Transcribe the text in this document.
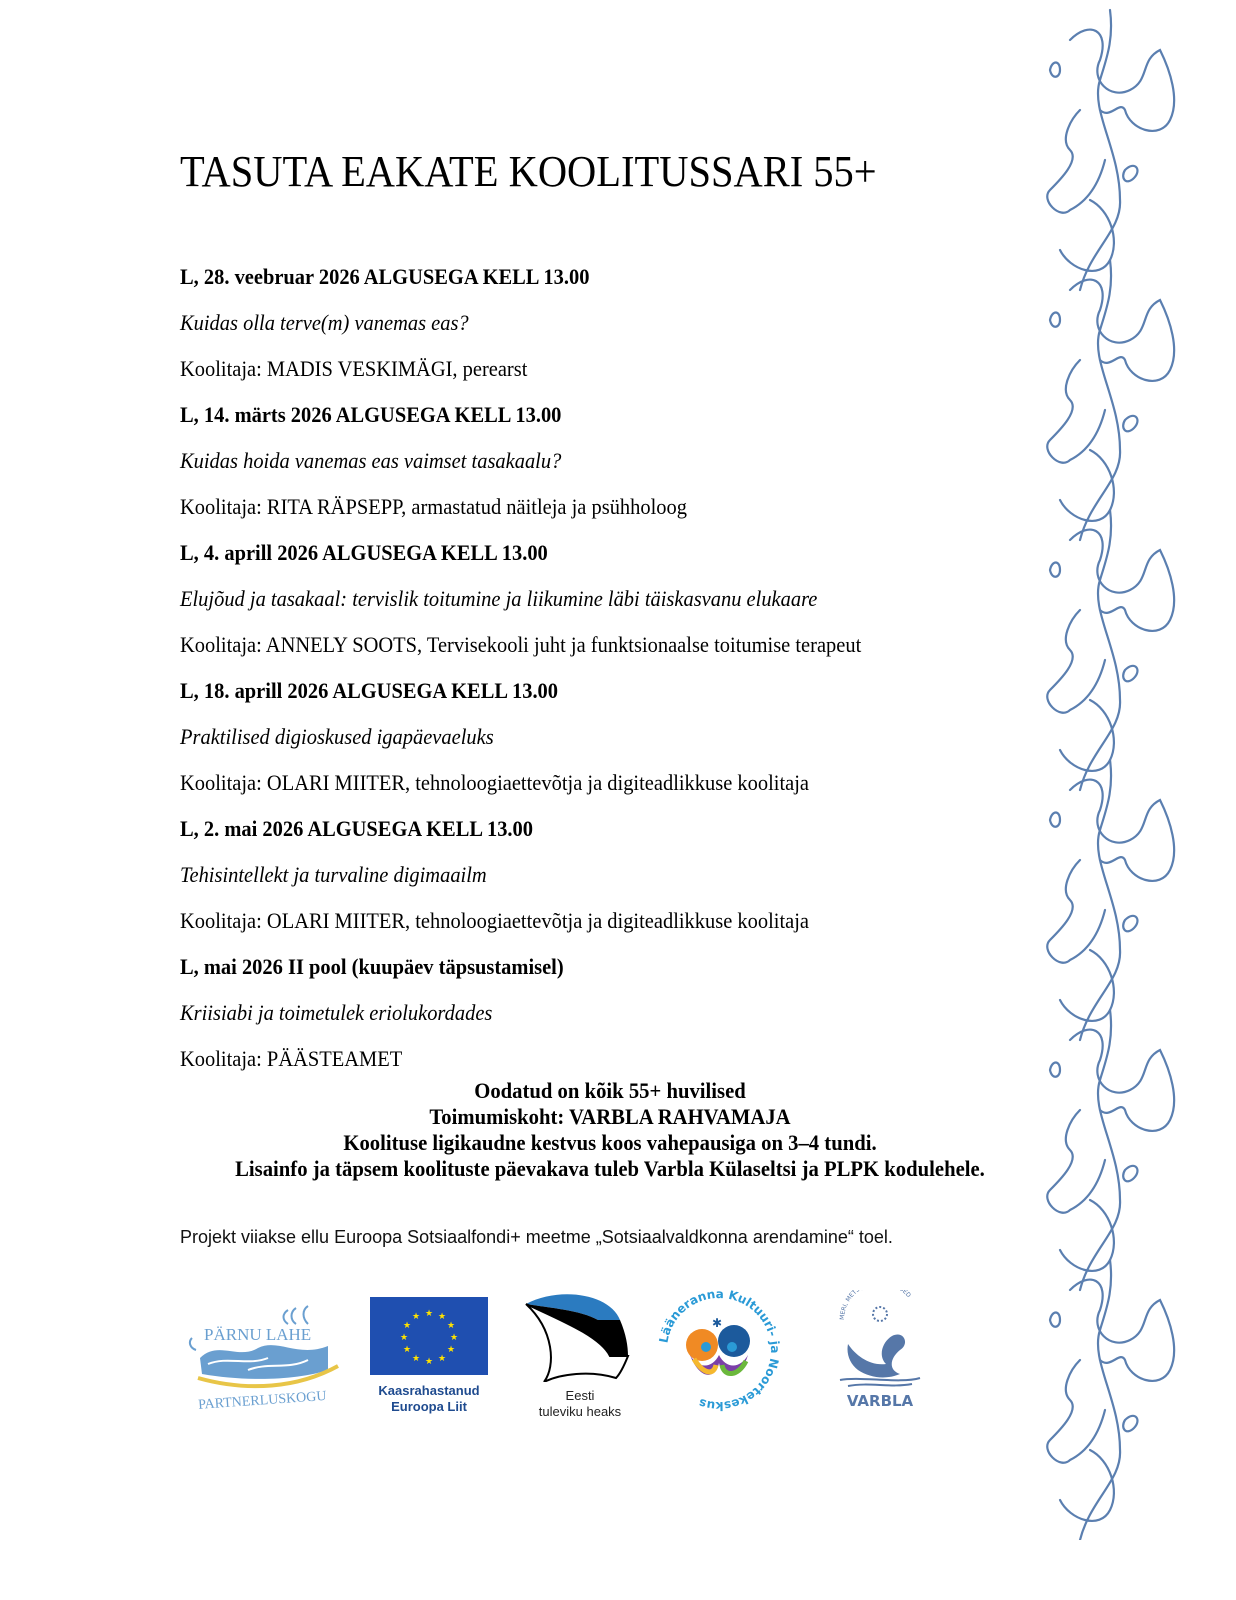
TASUTA EAKATE KOOLITUSSARI 55+
L, 28. veebruar 2026 ALGUSEGA KELL 13.00
Kuidas olla terve(m) vanemas eas?
Koolitaja: MADIS VESKIMÄGI, perearst
L, 14. märts 2026 ALGUSEGA KELL 13.00
Kuidas hoida vanemas eas vaimset tasakaalu?
Koolitaja: RITA RÄPSEPP, armastatud näitleja ja psühholoog
L, 4. aprill 2026 ALGUSEGA KELL 13.00
Elujõud ja tasakaal: tervislik toitumine ja liikumine läbi täiskasvanu elukaare
Koolitaja: ANNELY SOOTS, Tervisekooli juht ja funktsionaalse toitumise terapeut
L, 18. aprill 2026 ALGUSEGA KELL 13.00
Praktilised digioskused igapäevaeluks
Koolitaja: OLARI MIITER, tehnoloogiaettevõtja ja digiteadlikkuse koolitaja
L, 2. mai 2026 ALGUSEGA KELL 13.00
Tehisintellekt ja turvaline digimaailm
Koolitaja: OLARI MIITER, tehnoloogiaettevõtja ja digiteadlikkuse koolitaja
L, mai 2026 II pool (kuupäev täpsustamisel)
Kriisiabi ja toimetulek eriolukordades
Koolitaja: PÄÄSTEAMET
Oodatud on kõik 55+ huvilised
Toimumiskoht: VARBLA RAHVAMAJA
Koolituse ligikaudne kestvus koos vahepausiga on 3–4 tundi.
Lisainfo ja täpsem koolituste päevakava tuleb Varbla Külaseltsi ja PLPK kodulehele.
Projekt viiakse ellu Euroopa Sotsiaalfondi+ meetme „Sotsiaalvaldkonna arendamine“ toel.
PÄRNU LAHE
PARTNERLUSKOGU
★ ★
★
★
★
★
★
★
★
★
★
★
Kaasrahastanud
Euroopa Liit
Eesti
tuleviku heaks
Läänerannа Kultuuri- ja Noortekeskus
✱	MERI, MET ED
VARBLA
